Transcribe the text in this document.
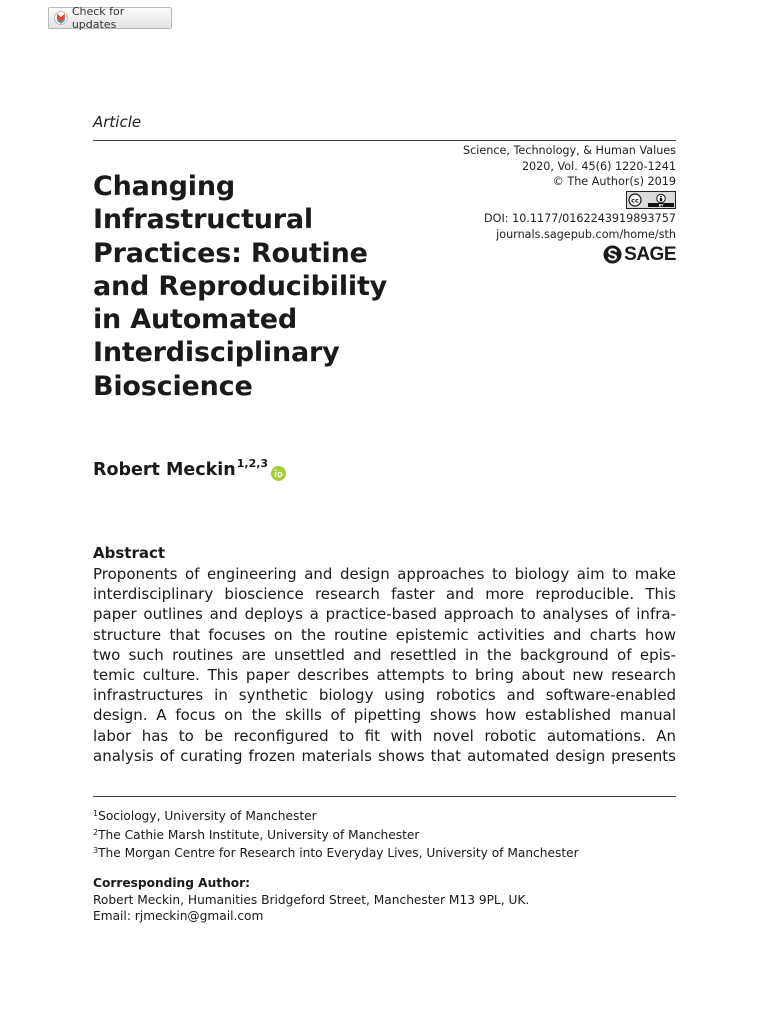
Check for updates
Article
Science, Technology, & Human Values
2020, Vol. 45(6) 1220-1241
© The Author(s) 2019
cc
BY
DOI: 10.1177/0162243919893757
journals.sagepub.com/home/sth
SAGE
Changing
Infrastructural
Practices: Routine
and Reproducibility
in Automated
Interdisciplinary
Bioscience
Robert Meckin$^{1,2,3}$
Abstract
Proponents of engineering and design approaches to biology aim to make
interdisciplinary bioscience research faster and more reproducible. This
paper outlines and deploys a practice-based approach to analyses of infra-
structure that focuses on the routine epistemic activities and charts how
two such routines are unsettled and resettled in the background of epis-
temic culture. This paper describes attempts to bring about new research
infrastructures in synthetic biology using robotics and software-enabled
design. A focus on the skills of pipetting shows how established manual
labor has to be reconfigured to fit with novel robotic automations. An
analysis of curating frozen materials shows that automated design presents
$^1$Sociology, University of Manchester
$^2$The Cathie Marsh Institute, University of Manchester
$^3$The Morgan Centre for Research into Everyday Lives, University of Manchester
Corresponding Author:
Robert Meckin, Humanities Bridgeford Street, Manchester M13 9PL, UK.
Email: rjmeckin@gmail.com
